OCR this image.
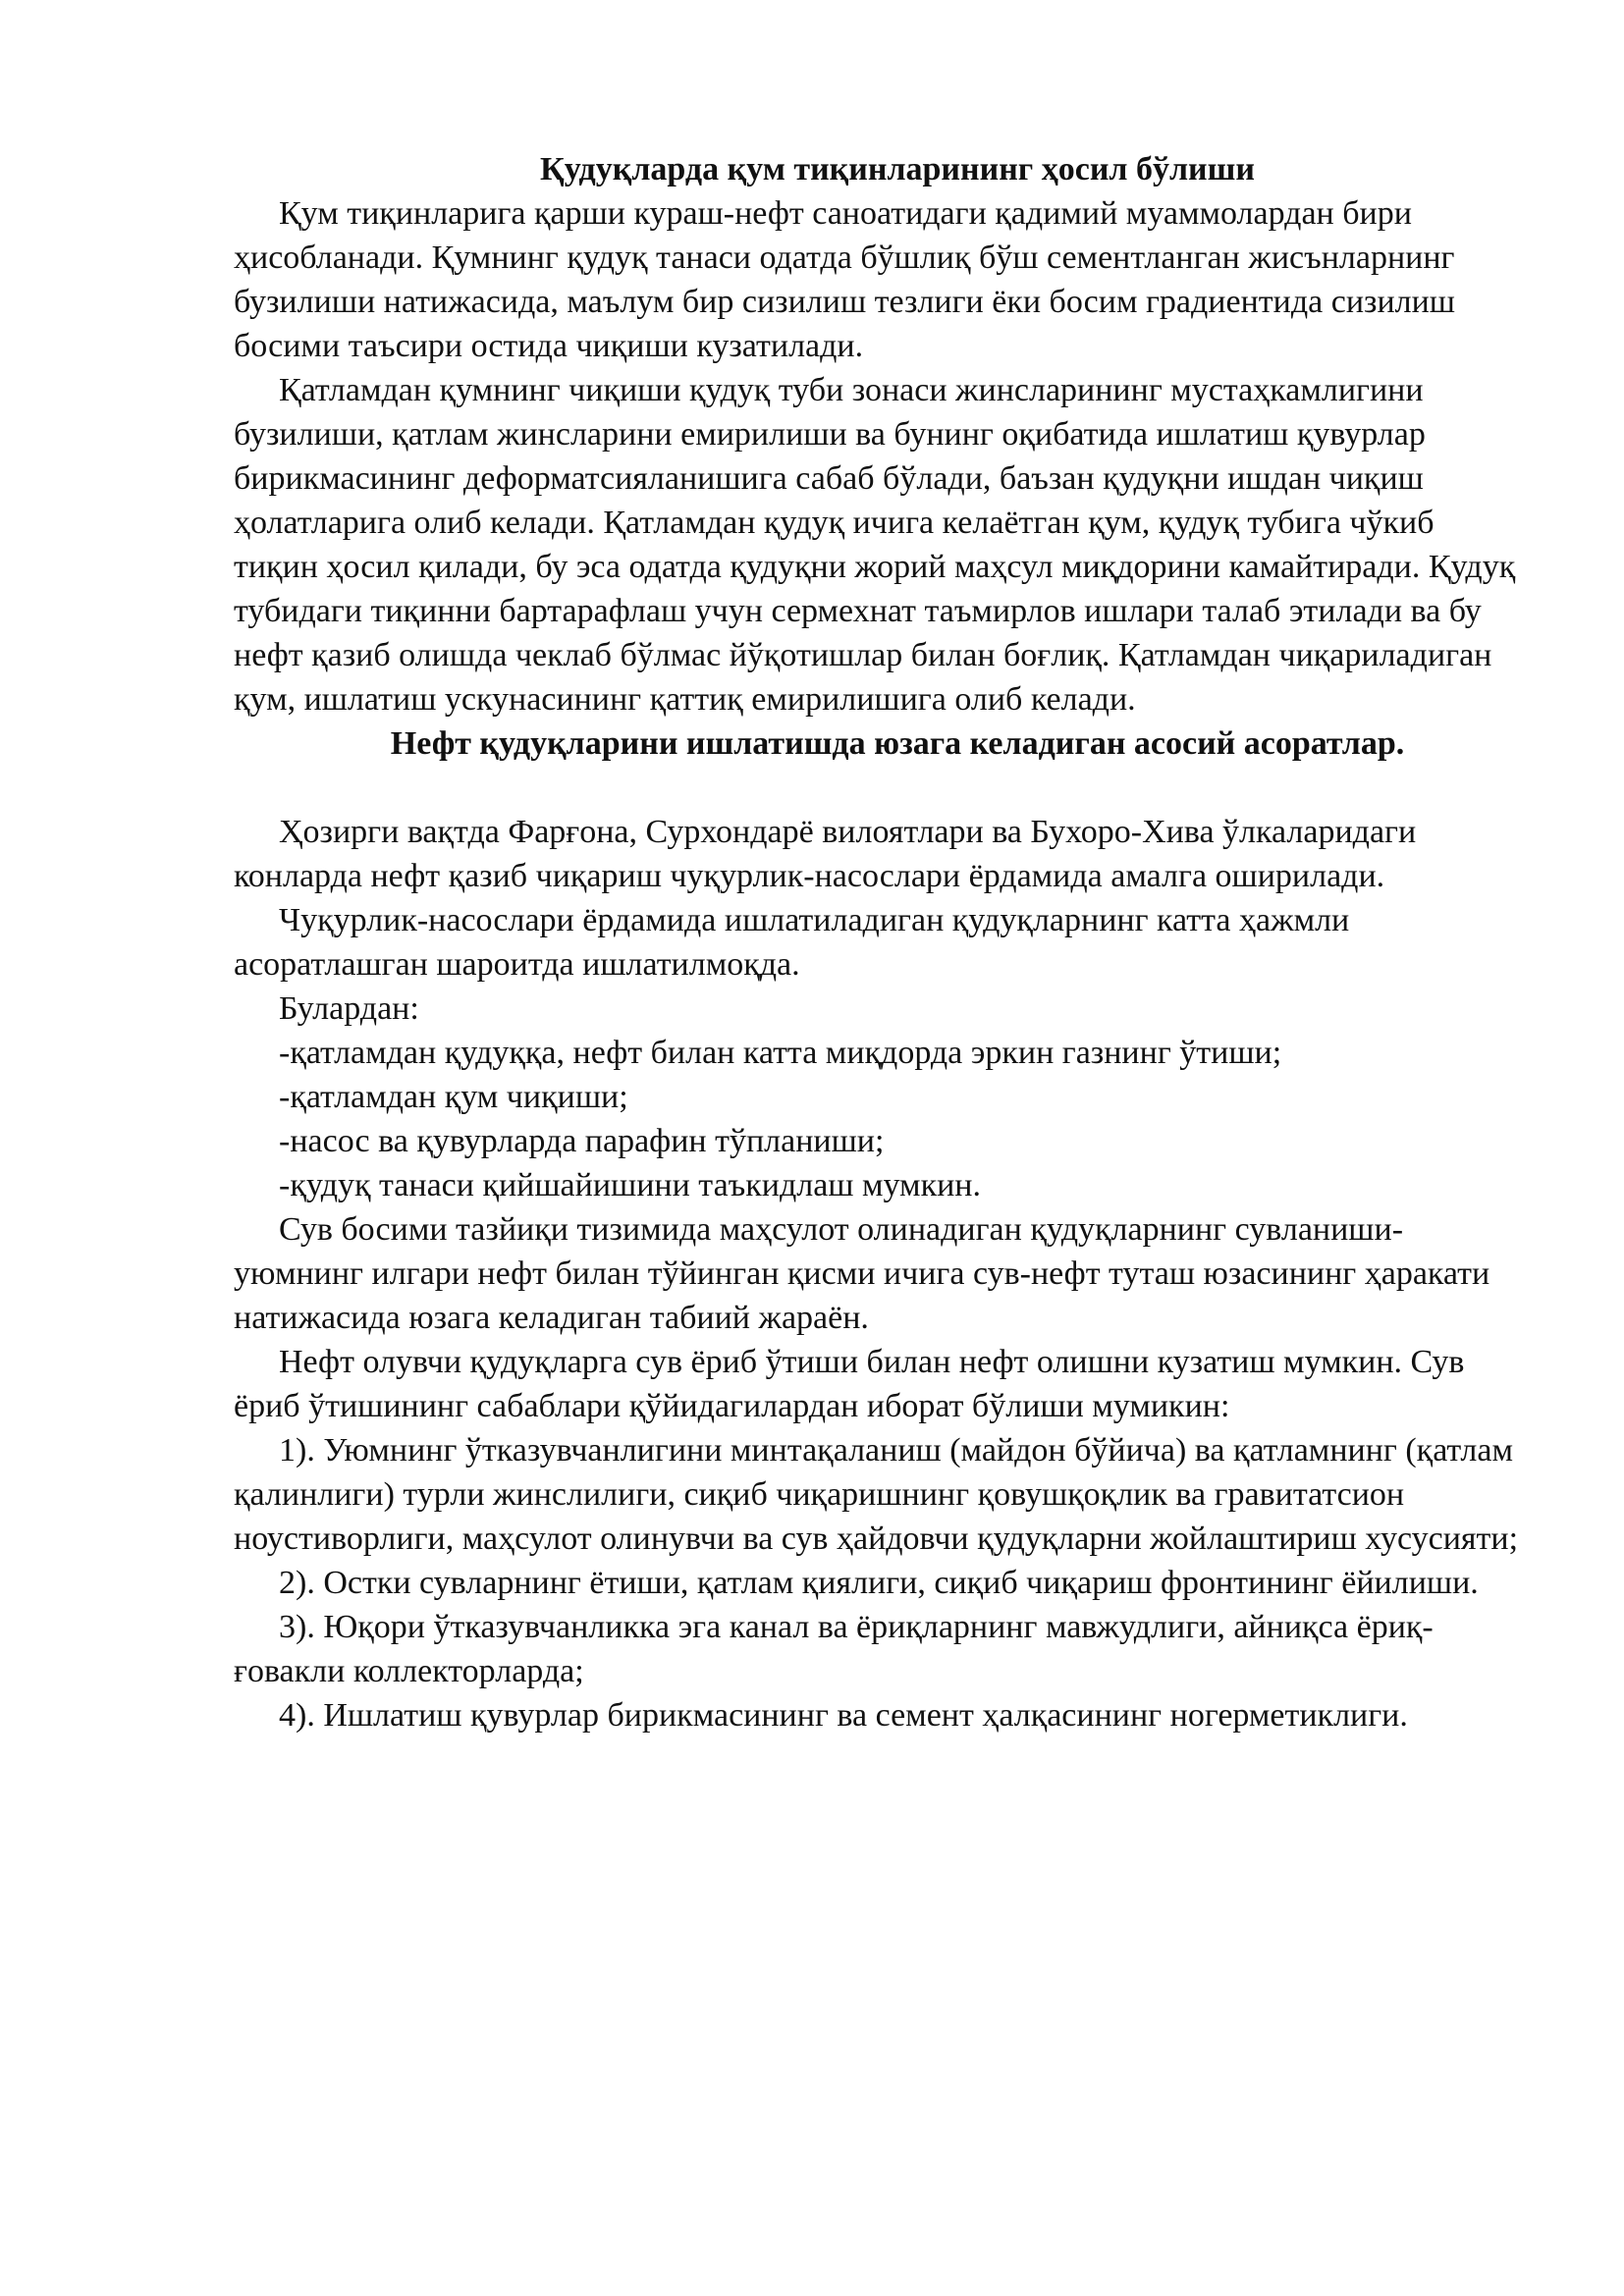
Қудуқларда қум тиқинларининг ҳосил бўлиши

Қум тиқинларига қарши кураш-нефт саноатидаги қадимий муаммолардан бири ҳисобланади. Қумнинг қудуқ танаси одатда бўшлиқ бўш сементланган жисънларнинг бузилиши натижасида, маълум бир сизилиш тезлиги ёки босим градиентида сизилиш босими таъсири остида чиқиши кузатилади.

Қатламдан қумнинг чиқиши қудуқ туби зонаси жинсларининг мустаҳкамлигини бузилиши, қатлам жинсларини емирилиши ва бунинг оқибатида ишлатиш қувурлар бирикмасининг деформатсияланишига сабаб бўлади, баъзан қудуқни ишдан чиқиш ҳолатларига олиб келади. Қатламдан қудуқ ичига келаётган қум, қудуқ тубига чўкиб тиқин ҳосил қилади, бу эса одатда қудуқни жорий маҳсул миқдорини камайтиради. Қудуқ тубидаги тиқинни бартарафлаш учун сермехнат таъмирлов ишлари талаб этилади ва бу нефт қазиб олишда чеклаб бўлмас йўқотишлар билан боғлиқ. Қатламдан чиқариладиган қум, ишлатиш ускунасининг қаттиқ емирилишига олиб келади.

Нефт қудуқларини ишлатишда юзага келадиган асосий асоратлар.

Ҳозирги вақтда Фарғона, Сурхондарё вилоятлари ва Бухоро-Хива ўлкаларидаги конларда нефт қазиб чиқариш чуқурлик-насослари ёрдамида амалга оширилади.

Чуқурлик-насослари ёрдамида ишлатиладиган қудуқларнинг катта ҳажмли асоратлашган шароитда ишлатилмоқда.

Булардан:

-қатламдан қудуққа, нефт билан катта миқдорда эркин газнинг ўтиши;

-қатламдан қум чиқиши;

-насос ва қувурларда парафин тўпланиши;

-қудуқ танаси қийшайишини таъкидлаш мумкин.

Сув босими тазйиқи тизимида маҳсулот олинадиган қудуқларнинг сувланиши-уюмнинг илгари нефт билан тўйинган қисми ичига сув-нефт туташ юзасининг ҳаракати натижасида юзага келадиган табиий жараён.

Нефт олувчи қудуқларга сув ёриб ўтиши билан нефт олишни кузатиш мумкин. Сув ёриб ўтишининг сабаблари қўйидагилардан иборат бўлиши мумикин:

1). Уюмнинг ўтказувчанлигини минтақаланиш (майдон бўйича) ва қатламнинг (қатлам қалинлиги) турли жинслилиги, сиқиб чиқаришнинг қовушқоқлик ва гравитатсион ноустиворлиги, маҳсулот олинувчи ва сув ҳайдовчи қудуқларни жойлаштириш хусусияти;

2). Остки сувларнинг ётиши, қатлам қиялиги, сиқиб чиқариш фронтининг ёйилиши.

3). Юқори ўтказувчанликка эга канал ва ёриқларнинг мавжудлиги, айниқса ёриқ-ғовакли коллекторларда;

4). Ишлатиш қувурлар бирикмасининг ва семент ҳалқасининг ногерметиклиги.
